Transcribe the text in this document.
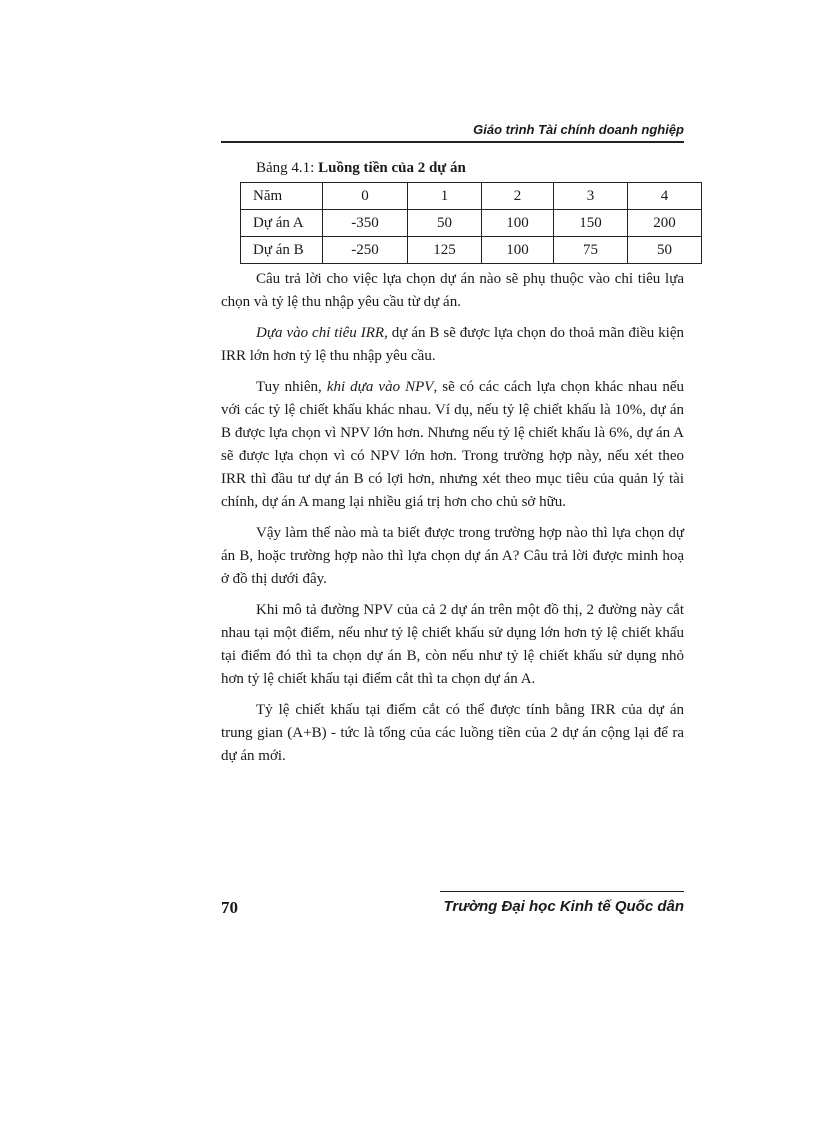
Giáo trình Tài chính doanh nghiệp
Bảng 4.1: Luồng tiền của 2 dự án
Năm	0	1	2	3	4
Dự án A	-350	50	100	150	200
Dự án B	-250	125	100	75	50

Câu trả lời cho việc lựa chọn dự án nào sẽ phụ thuộc vào chỉ tiêu lựa chọn và tỷ lệ thu nhập yêu cầu từ dự án.

Dựa vào chỉ tiêu IRR, dự án B sẽ được lựa chọn do thoả mãn điều kiện IRR lớn hơn tỷ lệ thu nhập yêu cầu.

Tuy nhiên, khi dựa vào NPV, sẽ có các cách lựa chọn khác nhau nếu với các tỷ lệ chiết khấu khác nhau. Ví dụ, nếu tỷ lệ chiết khấu là 10%, dự án B được lựa chọn vì NPV lớn hơn. Nhưng nếu tỷ lệ chiết khấu là 6%, dự án A sẽ được lựa chọn vì có NPV lớn hơn. Trong trường hợp này, nếu xét theo IRR thì đầu tư dự án B có lợi hơn, nhưng xét theo mục tiêu của quản lý tài chính, dự án A mang lại nhiều giá trị hơn cho chủ sở hữu.

Vậy làm thế nào mà ta biết được trong trường hợp nào thì lựa chọn dự án B, hoặc trường hợp nào thì lựa chọn dự án A? Câu trả lời được minh hoạ ở đồ thị dưới đây.

Khi mô tả đường NPV của cả 2 dự án trên một đồ thị, 2 đường này cắt nhau tại một điểm, nếu như tỷ lệ chiết khấu sử dụng lớn hơn tỷ lệ chiết khấu tại điểm đó thì ta chọn dự án B, còn nếu như tỷ lệ chiết khấu sử dụng nhỏ hơn tỷ lệ chiết khấu tại điểm cắt thì ta chọn dự án A.

Tỷ lệ chiết khấu tại điểm cắt có thể được tính bằng IRR của dự án trung gian (A+B) - tức là tổng của các luồng tiền của 2 dự án cộng lại để ra dự án mới.

70	Trường Đại học Kinh tế Quốc dân
